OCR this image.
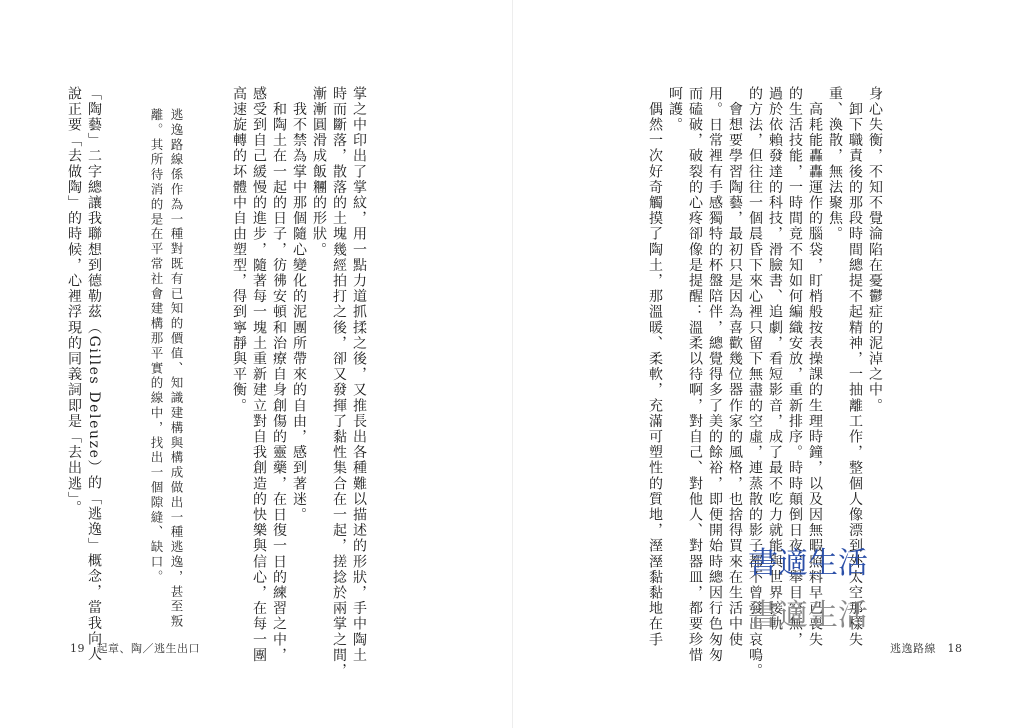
身心失衡，不知不覺淪陷在憂鬱症的泥淖之中。
　卸下職責後的那段時間總提不起精神，一抽離工作，整個人像漂到外太空那樣失
重、渙散，無法聚焦。
　高耗能轟轟運作的腦袋，盯梢般按表操課的生理時鐘，以及因無暇照料早已喪失
的生活技能，一時間竟不知如何編織安放，重新排序。時時顛倒日夜，舉目空無，
過於依賴發達的科技，滑臉書、追劇，看短影音，成了最不吃力就能與世界接軌
的方法，但往往一個晨昏下來心裡只留下無盡的空虛，連蒸散的影子都不曾發出哀鳴。
　會想要學習陶藝，最初只是因為喜歡幾位器作家的風格，也捨得買來在生活中使
用。日常裡有手感獨特的杯盤陪伴，總覺得多了美的餘裕，即便開始時總因行色匆匆
而磕破，破裂的心疼卻像是提醒：溫柔以待啊，對自己、對他人、對器皿，都要珍惜
呵護。
　偶然一次好奇觸摸了陶土，那溫暖、柔軟，充滿可塑性的質地，溼溼黏黏地在手
逃逸路線　18
掌之中印出了掌紋，用一點力道抓揉之後，又推長出各種難以描述的形狀，手中陶土
時而斷落，散落的土塊幾經拍打之後，卻又發揮了黏性集合在一起，搓捻於兩掌之間，
漸漸圓滑成飯糰的形狀。
　我不禁為掌中那個隨心變化的泥團所帶來的自由，感到著迷。
　和陶土在一起的日子，彷彿安頓和治療自身創傷的靈藥，在日復一日的練習之中，
感受到自己緩慢的進步，隨著每一塊土重新建立對自我創造的快樂與信心，在每一團
高速旋轉的坏體中自由塑型，得到寧靜與平衡。
逃逸路線係作為一種對既有已知的價值、知識建構與構成做出一種逃逸，甚至叛
離。其所待消的是在平常社會建構那平實的線中，找出一個隙縫、缺口。
「陶藝」二字總讓我聯想到德勒茲（Gilles Deleuze）的「逃逸」概念，當我向人
說正要「去做陶」的時候，心裡浮現的同義詞即是「去出逃」。
19　起章、陶／逃生出口
書適生活
書適生活
